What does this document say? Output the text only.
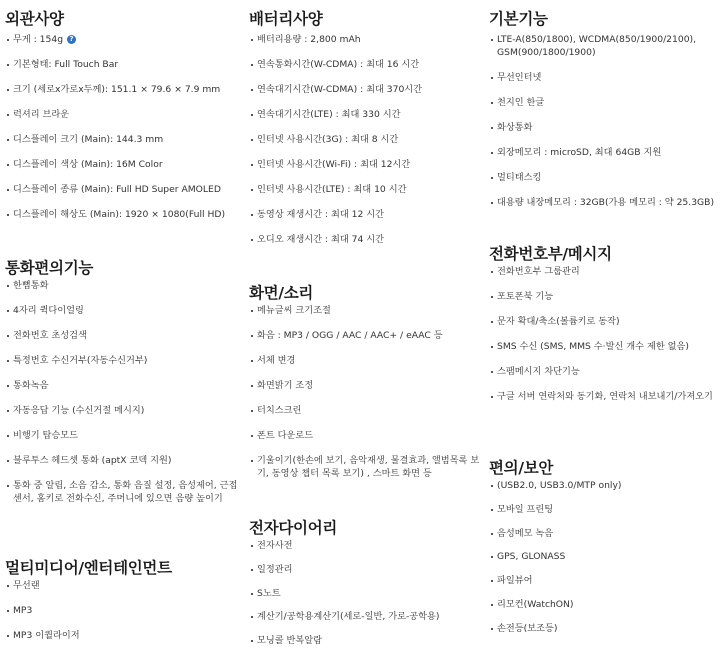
외관사양
무게 : 154g ?
기본형태: Full Touch Bar
크기 (세로x가로x두께): 151.1 × 79.6 × 7.9 mm
럭셔리 브라운
디스플레이 크기 (Main): 144.3 mm
디스플레이 색상 (Main): 16M Color
디스플레이 종류 (Main): Full HD Super AMOLED
디스플레이 해상도 (Main): 1920 × 1080(Full HD)
통화편의기능
한뼘통화
4자리 퀵다이얼링
전화번호 초성검색
특정번호 수신거부(자동수신거부)
통화녹음
자동응답 기능 (수신거절 메시지)
비행기 탑승모드
블루투스 헤드셋 통화 (aptX 코덱 지원)
통화 중 알림, 소음 감소, 통화 음질 설정, 음성제어, 근접센서, 홈키로 전화수신, 주머니에 있으면 음량 높이기
멀티미디어/엔터테인먼트
무선랜
MP3
MP3 이퀄라이저
배터리사양
배터리용량 : 2,800 mAh
연속통화시간(W-CDMA) : 최대 16 시간
연속대기시간(W-CDMA) : 최대 370시간
연속대기시간(LTE) : 최대 330 시간
인터넷 사용시간(3G) : 최대 8 시간
인터넷 사용시간(Wi-Fi) : 최대 12시간
인터넷 사용시간(LTE) : 최대 10 시간
동영상 재생시간 : 최대 12 시간
오디오 재생시간 : 최대 74 시간
화면/소리
메뉴글씨 크기조절
화음 : MP3 / OGG / AAC / AAC+ / eAAC 등
서체 변경
화면밝기 조정
터치스크린
폰트 다운로드
기울이기(한손에 보기, 음악재생, 물결효과, 앨범목록 보기, 동영상 챕터 목록 보기) , 스마트 화면 등
전자다이어리
전자사전
일정관리
S노트
계산기/공학용계산기(세로-일반, 가로-공학용)
모닝콜 반복알람
기본기능
LTE-A(850/1800), WCDMA(850/1900/2100), GSM(900/1800/1900)
무선인터넷
천지인 한글
화상통화
외장메모리 : microSD, 최대 64GB 지원
멀티태스킹
대용량 내장메모리 : 32GB(가용 메모리 : 약 25.3GB)
전화번호부/메시지
전화번호부 그룹관리
포토폰북 기능
문자 확대/축소(볼륨키로 동작)
SMS 수신 (SMS, MMS 수·발신 개수 제한 없음)
스팸메시지 차단기능
구글 서버 연락처와 동기화, 연락처 내보내기/가져오기
편의/보안
(USB2.0, USB3.0/MTP only)
모바일 프린팅
음성메모 녹음
GPS, GLONASS
파일뷰어
리모컨(WatchON)
손전등(보조등)
